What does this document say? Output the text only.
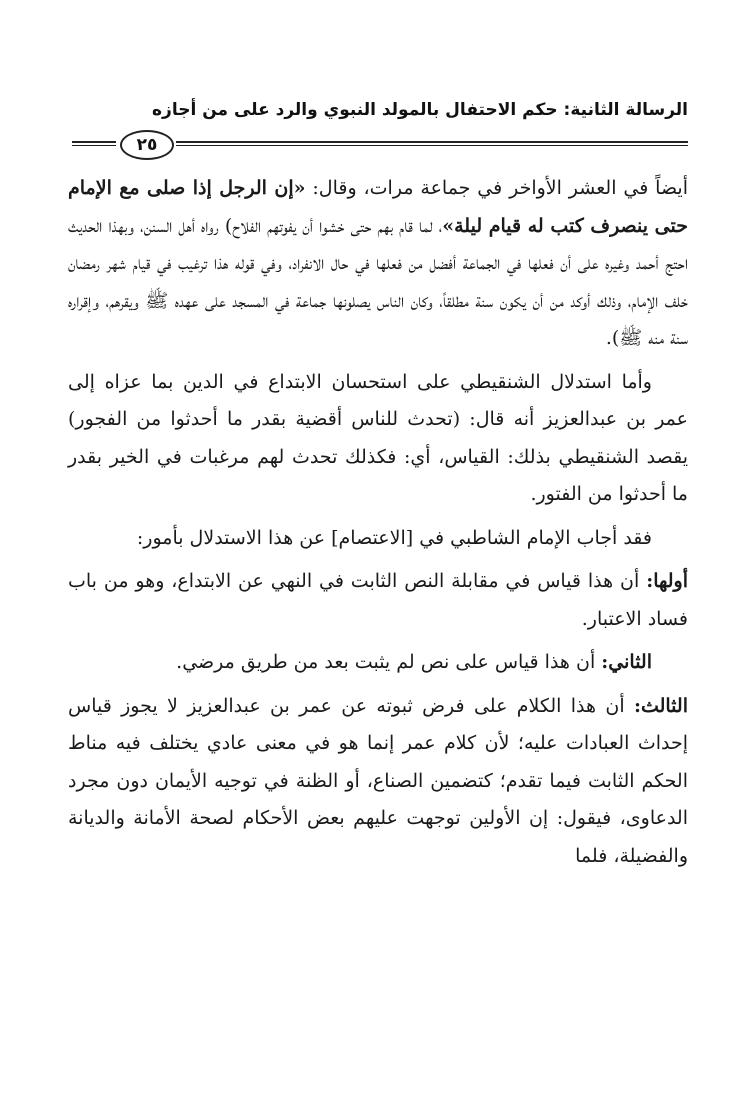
الرسالة الثانية: حكم الاحتفال بالمولد النبوي والرد على من أجازه
٢٥

أيضاً في العشر الأواخر في جماعة مرات، وقال: «إن الرجل إذا صلى مع الإمام حتى ينصرف كتب له قيام ليلة»، لما قام بهم حتى خشوا أن يفوتهم الفلاح) رواه أهل السنن، وبهذا الحديث احتج أحمد وغيره على أن فعلها في الجماعة أفضل من فعلها في حال الانفراد، وفي قوله هذا ترغيب في قيام شهر رمضان خلف الإمام، وذلك أوكد من أن يكون سنة مطلقاً، وكان الناس يصلونها جماعة في المسجد على عهده ﷺ ويقرهم، وإقراره سنة منه ﷺ).

وأما استدلال الشنقيطي على استحسان الابتداع في الدين بما عزاه إلى عمر بن عبدالعزيز أنه قال: (تحدث للناس أقضية بقدر ما أحدثوا من الفجور) يقصد الشنقيطي بذلك: القياس، أي: فكذلك تحدث لهم مرغبات في الخير بقدر ما أحدثوا من الفتور.

فقد أجاب الإمام الشاطبي في [الاعتصام] عن هذا الاستدلال بأمور:

أولها: أن هذا قياس في مقابلة النص الثابت في النهي عن الابتداع، وهو من باب فساد الاعتبار.

الثاني: أن هذا قياس على نص لم يثبت بعد من طريق مرضي.

الثالث: أن هذا الكلام على فرض ثبوته عن عمر بن عبدالعزيز لا يجوز قياس إحداث العبادات عليه؛ لأن كلام عمر إنما هو في معنى عادي يختلف فيه مناط الحكم الثابت فيما تقدم؛ كتضمين الصناع، أو الظنة في توجيه الأيمان دون مجرد الدعاوى، فيقول: إن الأولين توجهت عليهم بعض الأحكام لصحة الأمانة والديانة والفضيلة، فلما
